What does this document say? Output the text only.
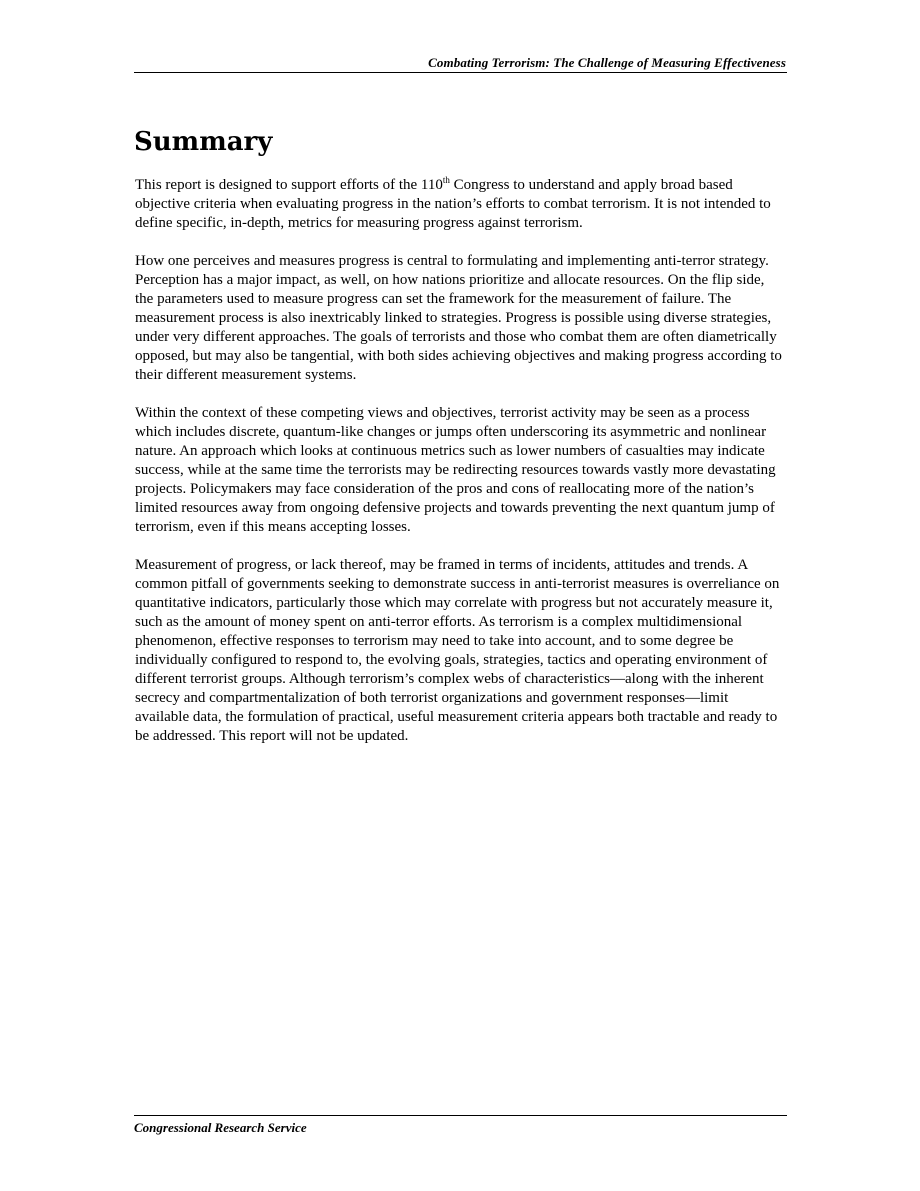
Combating Terrorism: The Challenge of Measuring Effectiveness
Summary

This report is designed to support efforts of the 110th Congress to understand and apply broad based objective criteria when evaluating progress in the nation’s efforts to combat terrorism. It is not intended to define specific, in-depth, metrics for measuring progress against terrorism.

How one perceives and measures progress is central to formulating and implementing anti-terror strategy. Perception has a major impact, as well, on how nations prioritize and allocate resources. On the flip side, the parameters used to measure progress can set the framework for the measurement of failure. The measurement process is also inextricably linked to strategies. Progress is possible using diverse strategies, under very different approaches. The goals of terrorists and those who combat them are often diametrically opposed, but may also be tangential, with both sides achieving objectives and making progress according to their different measurement systems.

Within the context of these competing views and objectives, terrorist activity may be seen as a process which includes discrete, quantum-like changes or jumps often underscoring its asymmetric and nonlinear nature. An approach which looks at continuous metrics such as lower numbers of casualties may indicate success, while at the same time the terrorists may be redirecting resources towards vastly more devastating projects. Policymakers may face consideration of the pros and cons of reallocating more of the nation’s limited resources away from ongoing defensive projects and towards preventing the next quantum jump of terrorism, even if this means accepting losses.

Measurement of progress, or lack thereof, may be framed in terms of incidents, attitudes and trends. A common pitfall of governments seeking to demonstrate success in anti-terrorist measures is overreliance on quantitative indicators, particularly those which may correlate with progress but not accurately measure it, such as the amount of money spent on anti-terror efforts. As terrorism is a complex multidimensional phenomenon, effective responses to terrorism may need to take into account, and to some degree be individually configured to respond to, the evolving goals, strategies, tactics and operating environment of different terrorist groups. Although terrorism’s complex webs of characteristics—along with the inherent secrecy and compartmentalization of both terrorist organizations and government responses—limit available data, the formulation of practical, useful measurement criteria appears both tractable and ready to be addressed. This report will not be updated.

Congressional Research Service
